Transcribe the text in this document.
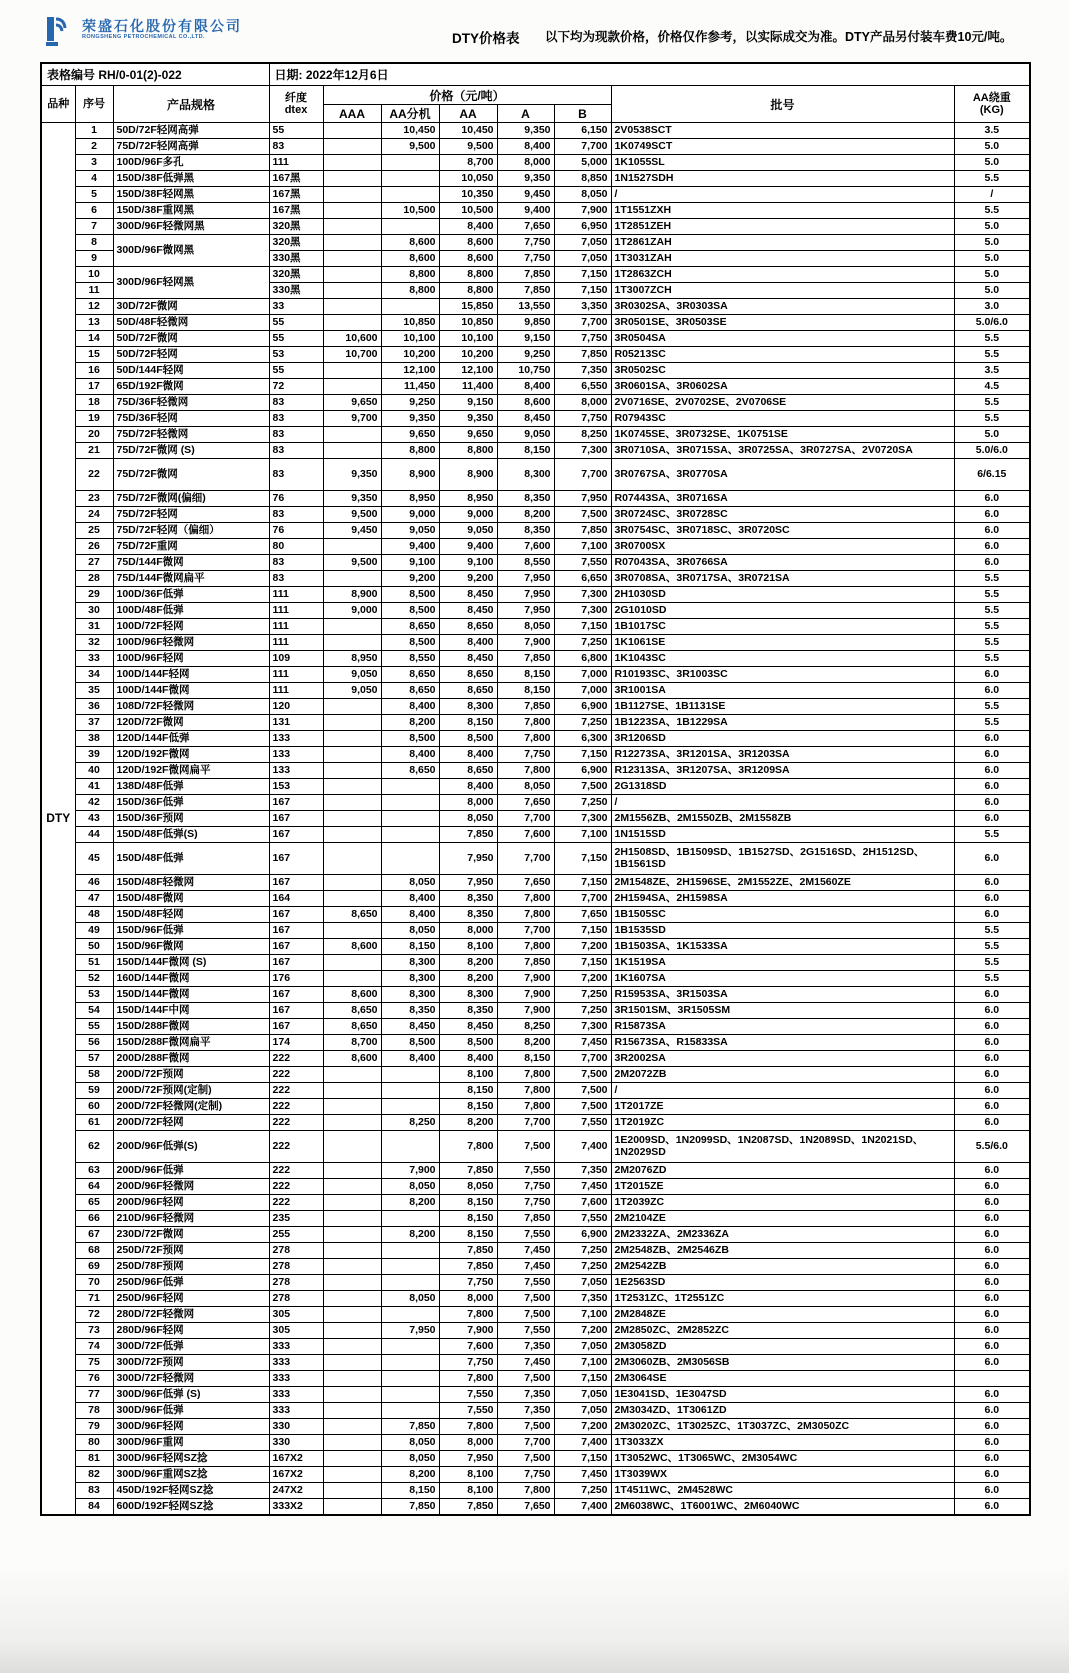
荣盛石化股份有限公司
RONGSHENG PETROCHEMICAL CO.,LTD.	DTY价格表 以下均为现款价格，价格仅作参考，以实际成交为准。DTY产品另付装车费10元/吨。
表格编号 RH/0-01(2)-022			日期: 2022年12月6日							
品种	序号	产品规格	纤度
dtex	价格（元/吨）					批号	AA绕重
(KG)
				AAA	AA分机	AA	A	B		
DTY	1	50D/72F轻网高弹	55		10,450	10,450	9,350	6,150	2V0538SCT	3.5
	2	75D/72F轻网高弹	83		9,500	9,500	8,400	7,700	1K0749SCT	5.0
	3	100D/96F多孔	111			8,700	8,000	5,000	1K1055SL	5.0
	4	150D/38F低弹黑	167黑			10,050	9,350	8,850	1N1527SDH	5.5
	5	150D/38F轻网黑	167黑			10,350	9,450	8,050	/	/
	6	150D/38F重网黑	167黑		10,500	10,500	9,400	7,900	1T1551ZXH	5.5
	7	300D/96F轻微网黑	320黑			8,400	7,650	6,950	1T2851ZEH	5.0
	8	300D/96F微网黑	320黑		8,600	8,600	7,750	7,050	1T2861ZAH	5.0
	9		330黑		8,600	8,600	7,750	7,050	1T3031ZAH	5.0
	10	300D/96F轻网黑	320黑		8,800	8,800	7,850	7,150	1T2863ZCH	5.0
	11		330黑		8,800	8,800	7,850	7,150	1T3007ZCH	5.0
	12	30D/72F微网	33			15,850	13,550	3,350	3R0302SA、3R0303SA	3.0
	13	50D/48F轻微网	55		10,850	10,850	9,850	7,700	3R0501SE、3R0503SE	5.0/6.0
	14	50D/72F微网	55	10,600	10,100	10,100	9,150	7,750	3R0504SA	5.5
	15	50D/72F轻网	53	10,700	10,200	10,200	9,250	7,850	R05213SC	5.5
	16	50D/144F轻网	55		12,100	12,100	10,750	7,350	3R0502SC	3.5
	17	65D/192F微网	72		11,450	11,400	8,400	6,550	3R0601SA、3R0602SA	4.5
	18	75D/36F轻微网	83	9,650	9,250	9,150	8,600	8,000	2V0716SE、2V0702SE、2V0706SE	5.5
	19	75D/36F轻网	83	9,700	9,350	9,350	8,450	7,750	R07943SC	5.5
	20	75D/72F轻微网	83		9,650	9,650	9,050	8,250	1K0745SE、3R0732SE、1K0751SE	5.0
	21	75D/72F微网 (S)	83		8,800	8,800	8,150	7,300	3R0710SA、3R0715SA、3R0725SA、3R0727SA、2V0720SA	5.0/6.0
	22	75D/72F微网	83	9,350	8,900	8,900	8,300	7,700	3R0767SA、3R0770SA	6/6.15
	23	75D/72F微网(偏细)	76	9,350	8,950	8,950	8,350	7,950	R07443SA、3R0716SA	6.0
	24	75D/72F轻网	83	9,500	9,000	9,000	8,200	7,500	3R0724SC、3R0728SC	6.0
	25	75D/72F轻网（偏细）	76	9,450	9,050	9,050	8,350	7,850	3R0754SC、3R0718SC、3R0720SC	6.0
	26	75D/72F重网	80		9,400	9,400	7,600	7,100	3R0700SX	6.0
	27	75D/144F微网	83	9,500	9,100	9,100	8,550	7,550	R07043SA、3R0766SA	6.0
	28	75D/144F微网扁平	83		9,200	9,200	7,950	6,650	3R0708SA、3R0717SA、3R0721SA	5.5
	29	100D/36F低弹	111	8,900	8,500	8,450	7,950	7,300	2H1030SD	5.5
	30	100D/48F低弹	111	9,000	8,500	8,450	7,950	7,300	2G1010SD	5.5
	31	100D/72F轻网	111		8,650	8,650	8,050	7,150	1B1017SC	5.5
	32	100D/96F轻微网	111		8,500	8,400	7,900	7,250	1K1061SE	5.5
	33	100D/96F轻网	109	8,950	8,550	8,450	7,850	6,800	1K1043SC	5.5
	34	100D/144F轻网	111	9,050	8,650	8,650	8,150	7,000	R10193SC、3R1003SC	6.0
	35	100D/144F微网	111	9,050	8,650	8,650	8,150	7,000	3R1001SA	6.0
	36	108D/72F轻微网	120		8,400	8,300	7,850	6,900	1B1127SE、1B1131SE	5.5
	37	120D/72F微网	131		8,200	8,150	7,800	7,250	1B1223SA、1B1229SA	5.5
	38	120D/144F低弹	133		8,500	8,500	7,800	6,300	3R1206SD	6.0
	39	120D/192F微网	133		8,400	8,400	7,750	7,150	R12273SA、3R1201SA、3R1203SA	6.0
	40	120D/192F微网扁平	133		8,650	8,650	7,800	6,900	R12313SA、3R1207SA、3R1209SA	6.0
	41	138D/48F低弹	153			8,400	8,050	7,500	2G1318SD	6.0
	42	150D/36F低弹	167			8,000	7,650	7,250	/	6.0
	43	150D/36F预网	167			8,050	7,700	7,300	2M1556ZB、2M1550ZB、2M1558ZB	6.0
	44	150D/48F低弹(S)	167			7,850	7,600	7,100	1N1515SD	5.5
	45	150D/48F低弹	167			7,950	7,700	7,150	2H1508SD、1B1509SD、1B1527SD、2G1516SD、2H1512SD、1B1561SD	6.0
	46	150D/48F轻微网	167		8,050	7,950	7,650	7,150	2M1548ZE、2H1596SE、2M1552ZE、2M1560ZE	6.0
	47	150D/48F微网	164		8,400	8,350	7,800	7,700	2H1594SA、2H1598SA	6.0
	48	150D/48F轻网	167	8,650	8,400	8,350	7,800	7,650	1B1505SC	6.0
	49	150D/96F低弹	167		8,050	8,000	7,700	7,150	1B1535SD	5.5
	50	150D/96F微网	167	8,600	8,150	8,100	7,800	7,200	1B1503SA、1K1533SA	5.5
	51	150D/144F微网 (S)	167		8,300	8,200	7,850	7,150	1K1519SA	5.5
	52	160D/144F微网	176		8,300	8,200	7,900	7,200	1K1607SA	5.5
	53	150D/144F微网	167	8,600	8,300	8,300	7,900	7,250	R15953SA、3R1503SA	6.0
	54	150D/144F中网	167	8,650	8,350	8,350	7,900	7,250	3R1501SM、3R1505SM	6.0
	55	150D/288F微网	167	8,650	8,450	8,450	8,250	7,300	R15873SA	6.0
	56	150D/288F微网扁平	174	8,700	8,500	8,500	8,200	7,450	R15673SA、R15833SA	6.0
	57	200D/288F微网	222	8,600	8,400	8,400	8,150	7,700	3R2002SA	6.0
	58	200D/72F预网	222			8,100	7,800	7,500	2M2072ZB	6.0
	59	200D/72F预网(定制)	222			8,150	7,800	7,500	/	6.0
	60	200D/72F轻微网(定制)	222			8,150	7,800	7,500	1T2017ZE	6.0
	61	200D/72F轻网	222		8,250	8,200	7,700	7,550	1T2019ZC	6.0
	62	200D/96F低弹(S)	222			7,800	7,500	7,400	1E2009SD、1N2099SD、1N2087SD、1N2089SD、1N2021SD、1N2029SD	5.5/6.0
	63	200D/96F低弹	222		7,900	7,850	7,550	7,350	2M2076ZD	6.0
	64	200D/96F轻微网	222		8,050	8,050	7,750	7,450	1T2015ZE	6.0
	65	200D/96F轻网	222		8,200	8,150	7,750	7,600	1T2039ZC	6.0
	66	210D/96F轻微网	235			8,150	7,850	7,550	2M2104ZE	6.0
	67	230D/72F微网	255		8,200	8,150	7,550	6,900	2M2332ZA、2M2336ZA	6.0
	68	250D/72F预网	278			7,850	7,450	7,250	2M2548ZB、2M2546ZB	6.0
	69	250D/78F预网	278			7,850	7,450	7,250	2M2542ZB	6.0
	70	250D/96F低弹	278			7,750	7,550	7,050	1E2563SD	6.0
	71	250D/96F轻网	278		8,050	8,000	7,500	7,350	1T2531ZC、1T2551ZC	6.0
	72	280D/72F轻微网	305			7,800	7,500	7,100	2M2848ZE	6.0
	73	280D/96F轻网	305		7,950	7,900	7,550	7,200	2M2850ZC、2M2852ZC	6.0
	74	300D/72F低弹	333			7,600	7,350	7,050	2M3058ZD	6.0
	75	300D/72F预网	333			7,750	7,450	7,100	2M3060ZB、2M3056SB	6.0
	76	300D/72F轻微网	333			7,800	7,500	7,150	2M3064SE	
	77	300D/96F低弹 (S)	333			7,550	7,350	7,050	1E3041SD、1E3047SD	6.0
	78	300D/96F低弹	333			7,550	7,350	7,050	2M3034ZD、1T3061ZD	6.0
	79	300D/96F轻网	330		7,850	7,800	7,500	7,200	2M3020ZC、1T3025ZC、1T3037ZC、2M3050ZC	6.0
	80	300D/96F重网	330		8,050	8,000	7,700	7,400	1T3033ZX	6.0
	81	300D/96F轻网SZ捻	167X2		8,050	7,950	7,500	7,150	1T3052WC、1T3065WC、2M3054WC	6.0
	82	300D/96F重网SZ捻	167X2		8,200	8,100	7,750	7,450	1T3039WX	6.0
	83	450D/192F轻网SZ捻	247X2		8,150	8,100	7,800	7,250	1T4511WC、2M4528WC	6.0
	84	600D/192F轻网SZ捻	333X2		7,850	7,850	7,650	7,400	2M6038WC、1T6001WC、2M6040WC	6.0
